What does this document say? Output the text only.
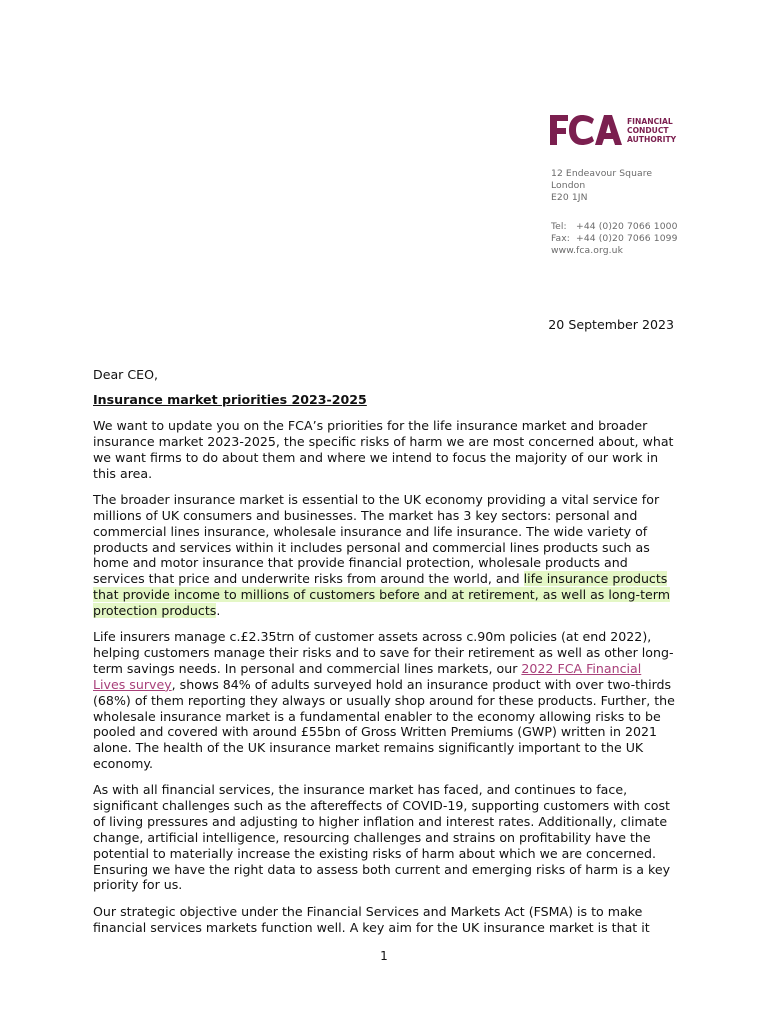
FINANCIAL
CONDUCT
AUTHORITY
12 Endeavour Square
London
E20 1JN
Tel: +44 (0)20 7066 1000
Fax: +44 (0)20 7066 1099
www.fca.org.uk
20 September 2023

Dear CEO,

Insurance market priorities 2023-2025

We want to update you on the FCA’s priorities for the life insurance market and broader insurance market 2023-2025, the specific risks of harm we are most concerned about, what we want firms to do about them and where we intend to focus the majority of our work in this area.

The broader insurance market is essential to the UK economy providing a vital service for millions of UK consumers and businesses. The market has 3 key sectors: personal and commercial lines insurance, wholesale insurance and life insurance. The wide variety of products and services within it includes personal and commercial lines products such as home and motor insurance that provide financial protection, wholesale products and services that price and underwrite risks from around the world, and life insurance products that provide income to millions of customers before and at retirement, as well as long-term protection products.

Life insurers manage c.£2.35trn of customer assets across c.90m policies (at end 2022), helping customers manage their risks and to save for their retirement as well as other long-term savings needs. In personal and commercial lines markets, our 2022 FCA Financial Lives survey, shows 84% of adults surveyed hold an insurance product with over two-thirds (68%) of them reporting they always or usually shop around for these products. Further, the wholesale insurance market is a fundamental enabler to the economy allowing risks to be pooled and covered with around £55bn of Gross Written Premiums (GWP) written in 2021 alone. The health of the UK insurance market remains significantly important to the UK economy.

As with all financial services, the insurance market has faced, and continues to face, significant challenges such as the aftereffects of COVID-19, supporting customers with cost of living pressures and adjusting to higher inflation and interest rates. Additionally, climate change, artificial intelligence, resourcing challenges and strains on profitability have the potential to materially increase the existing risks of harm about which we are concerned. Ensuring we have the right data to assess both current and emerging risks of harm is a key priority for us.

Our strategic objective under the Financial Services and Markets Act (FSMA) is to make financial services markets function well. A key aim for the UK insurance market is that it

1
